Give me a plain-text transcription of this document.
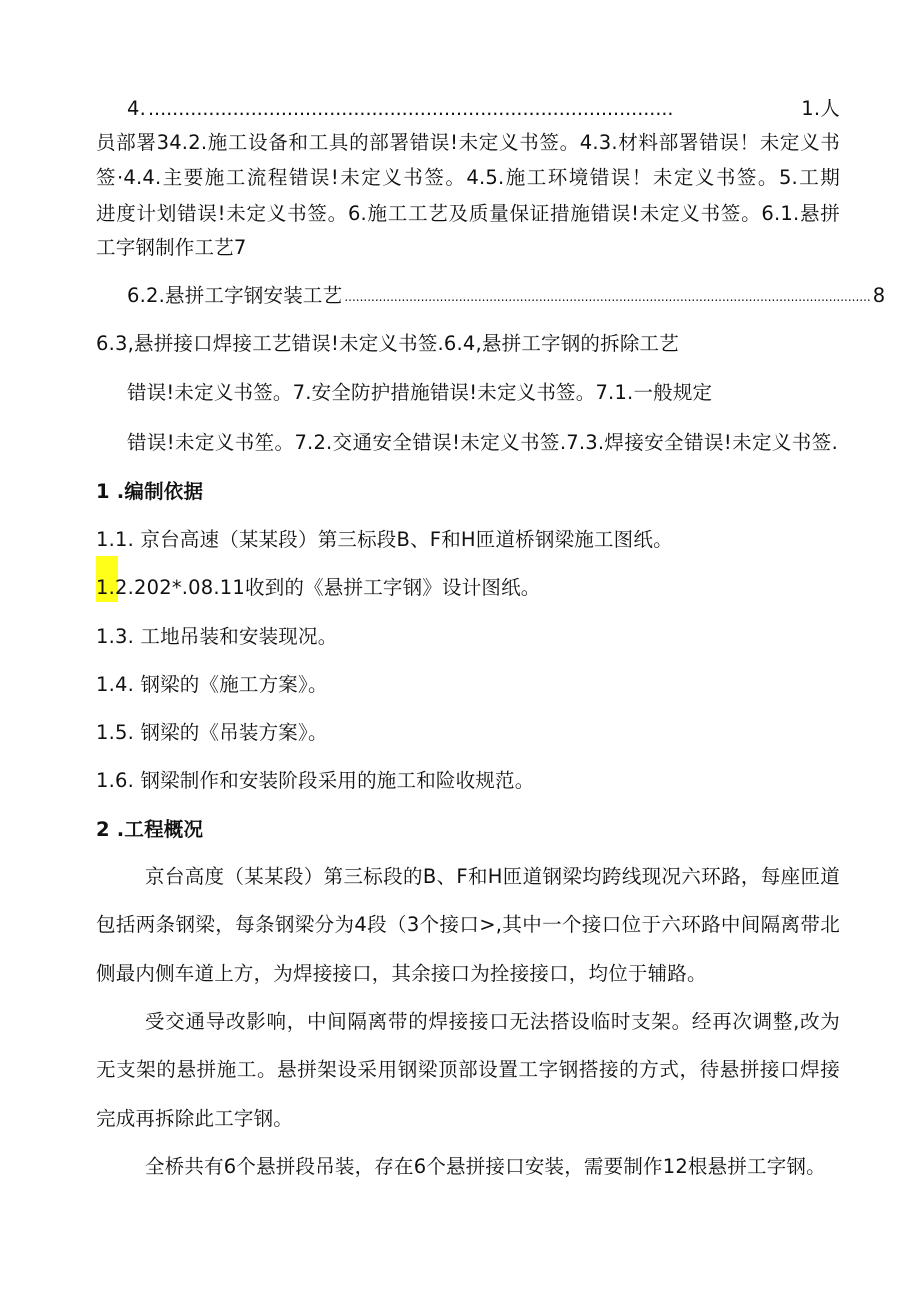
4. .......................................................................................	1.人
员部署34.2.施工设备和工具的部署错误!未定义书签。4.3.材料部署错误！未定义书
签·4.4.主要施工流程错误!未定义书签。4.5.施工环境错误！未定义书签。5.工期
进度计划错误!未定义书签。6.施工工艺及质量保证措施错误!未定义书签。6.1.悬拼
工字钢制作工艺7
6.2.悬拼工字钢安装工艺 .......................................................................................................................................... 8
6.3,悬拼接口焊接工艺错误!未定义书签.6.4,悬拼工字钢的拆除工艺
错误!未定义书签。7.安全防护措施错误!未定义书签。7.1.一般规定
错误!未定义书笙。7.2.交通安全错误!未定义书签.7.3.焊接安全错误!未定义书签.
1 .编制依据
1.1. 京台高速（某某段）第三标段B、F和H匝道桥钢梁施工图纸。
1.2.202*.08.11收到的《悬拼工字钢》设计图纸。
1.3. 工地吊装和安装现况。
1.4. 钢梁的《施工方案》。
1.5. 钢梁的《吊装方案》。
1.6. 钢梁制作和安装阶段采用的施工和险收规范。
2 .工程概况
京台高度（某某段）第三标段的B、F和H匝道钢梁均跨线现况六环路，每座匝道
包括两条钢梁，每条钢梁分为4段（3个接口>,其中一个接口位于六环路中间隔离带北
侧最内侧车道上方，为焊接接口，其余接口为拴接接口，均位于辅路。
受交通导改影响，中间隔离带的焊接接口无法搭设临时支架。经再次调整,改为
无支架的悬拼施工。悬拼架设采用钢梁顶部设置工字钢搭接的方式，待悬拼接口焊接
完成再拆除此工字钢。
全桥共有6个悬拼段吊装，存在6个悬拼接口安装，需要制作12根悬拼工字钢。
